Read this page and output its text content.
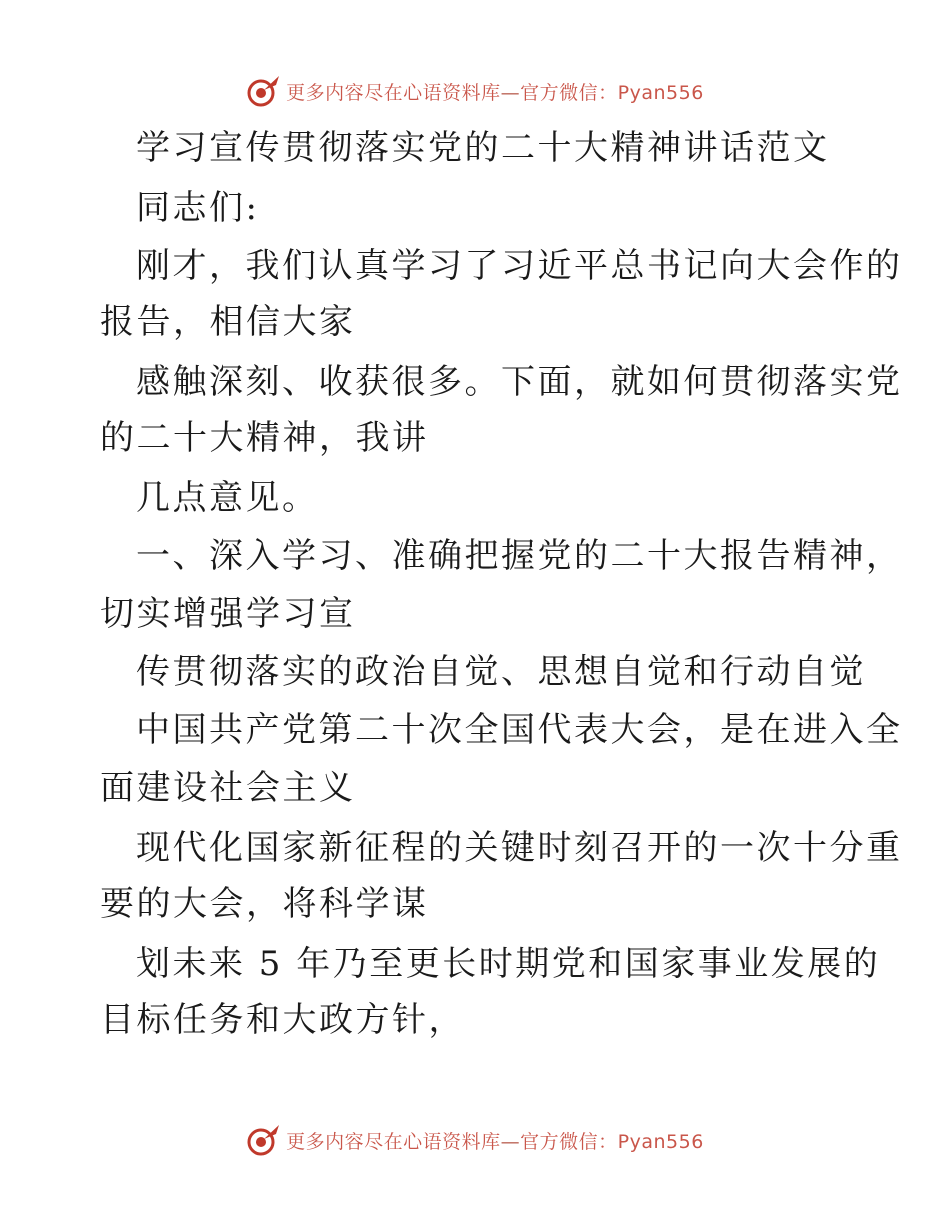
更多内容尽在心语资料库—官方微信：Pyan556
学习宣传贯彻落实党的二十大精神讲话范文
同志们:
刚才，我们认真学习了习近平总书记向大会作的
报告，相信大家
感触深刻、收获很多。下面，就如何贯彻落实党
的二十大精神，我讲
几点意见。
一、深入学习、准确把握党的二十大报告精神，
切实增强学习宣
传贯彻落实的政治自觉、思想自觉和行动自觉
中国共产党第二十次全国代表大会，是在进入全
面建设社会主义
现代化国家新征程的关键时刻召开的一次十分重
要的大会，将科学谋
划未来 5 年乃至更长时期党和国家事业发展的
目标任务和大政方针，
更多内容尽在心语资料库—官方微信：Pyan556
